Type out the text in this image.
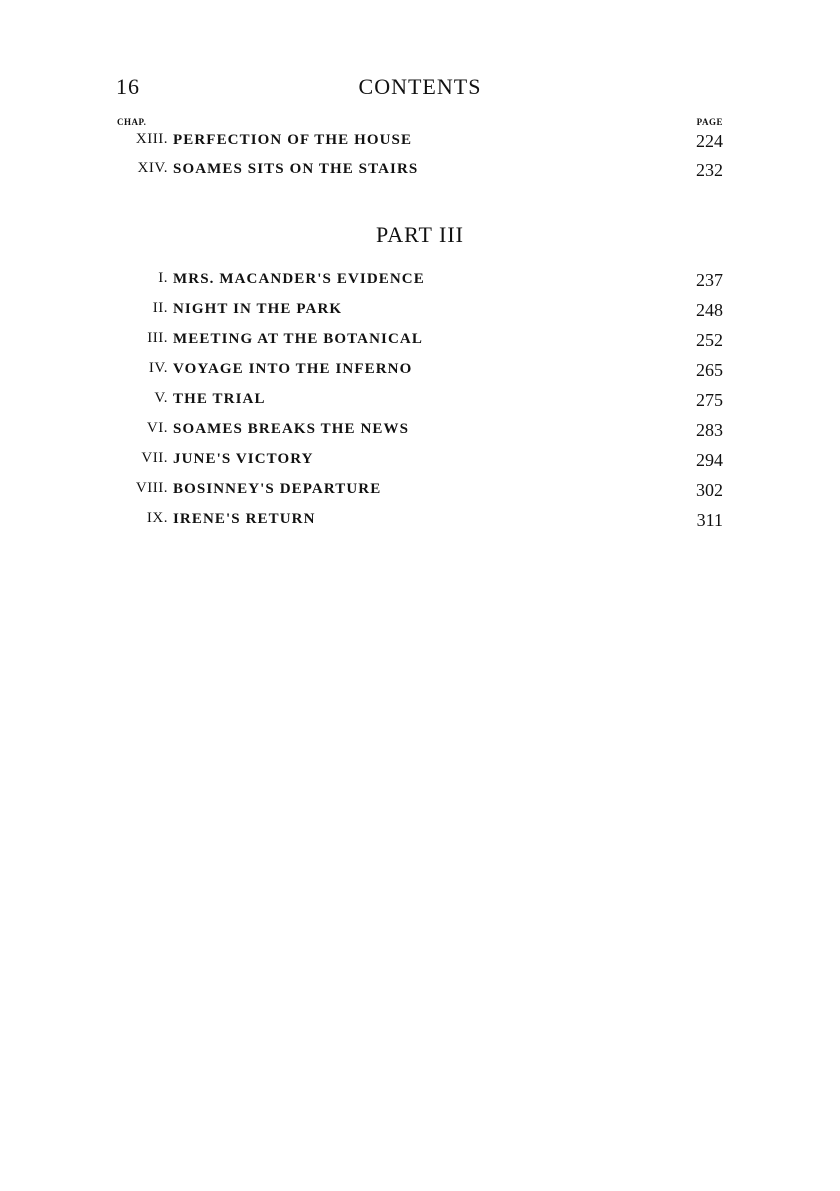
16	CONTENTS
CHAP.	PAGE
XIII. PERFECTION OF THE HOUSE	224
XIV. SOAMES SITS ON THE STAIRS	232
PART III
I. MRS. MACANDER'S EVIDENCE	237
II. NIGHT IN THE PARK	248
III. MEETING AT THE BOTANICAL	252
IV. VOYAGE INTO THE INFERNO	265
V. THE TRIAL	275
VI. SOAMES BREAKS THE NEWS	283
VII. JUNE'S VICTORY	294
VIII. BOSINNEY'S DEPARTURE	302
IX. IRENE'S RETURN	311
